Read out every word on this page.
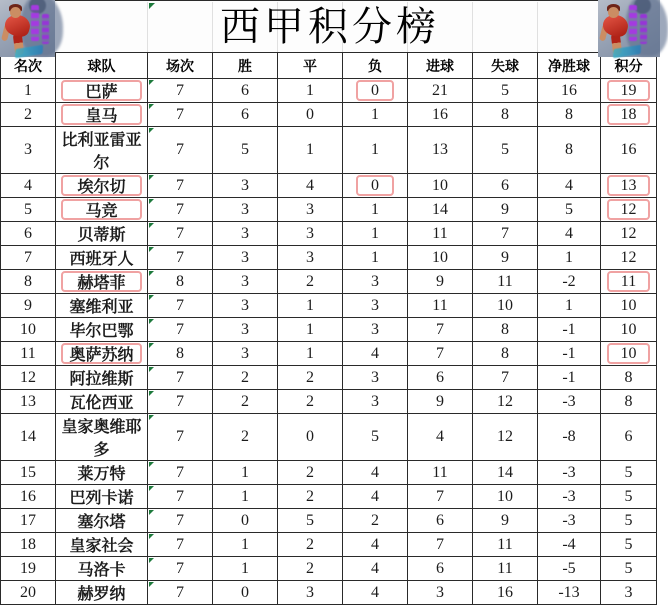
西甲积分榜
名次	球队	场次	胜	平	负	进球	失球	净胜球	积分
1	巴萨	7	6	1	0	21	5	16	19
2	皇马	7	6	0	1	16	8	8	18
3	比利亚雷亚尔	7	5	1	1	13	5	8	16
4	埃尔切	7	3	4	0	10	6	4	13
5	马竞	7	3	3	1	14	9	5	12
6	贝蒂斯	7	3	3	1	11	7	4	12
7	西班牙人	7	3	3	1	10	9	1	12
8	赫塔菲	8	3	2	3	9	11	-2	11
9	塞维利亚	7	3	1	3	11	10	1	10
10	毕尔巴鄂	7	3	1	3	7	8	-1	10
11	奥萨苏纳	8	3	1	4	7	8	-1	10
12	阿拉维斯	7	2	2	3	6	7	-1	8
13	瓦伦西亚	7	2	2	3	9	12	-3	8
14	皇家奥维耶多	7	2	0	5	4	12	-8	6
15	莱万特	7	1	2	4	11	14	-3	5
16	巴列卡诺	7	1	2	4	7	10	-3	5
17	塞尔塔	7	0	5	2	6	9	-3	5
18	皇家社会	7	1	2	4	7	11	-4	5
19	马洛卡	7	1	2	4	6	11	-5	5
20	赫罗纳	7	0	3	4	3	16	-13	3
